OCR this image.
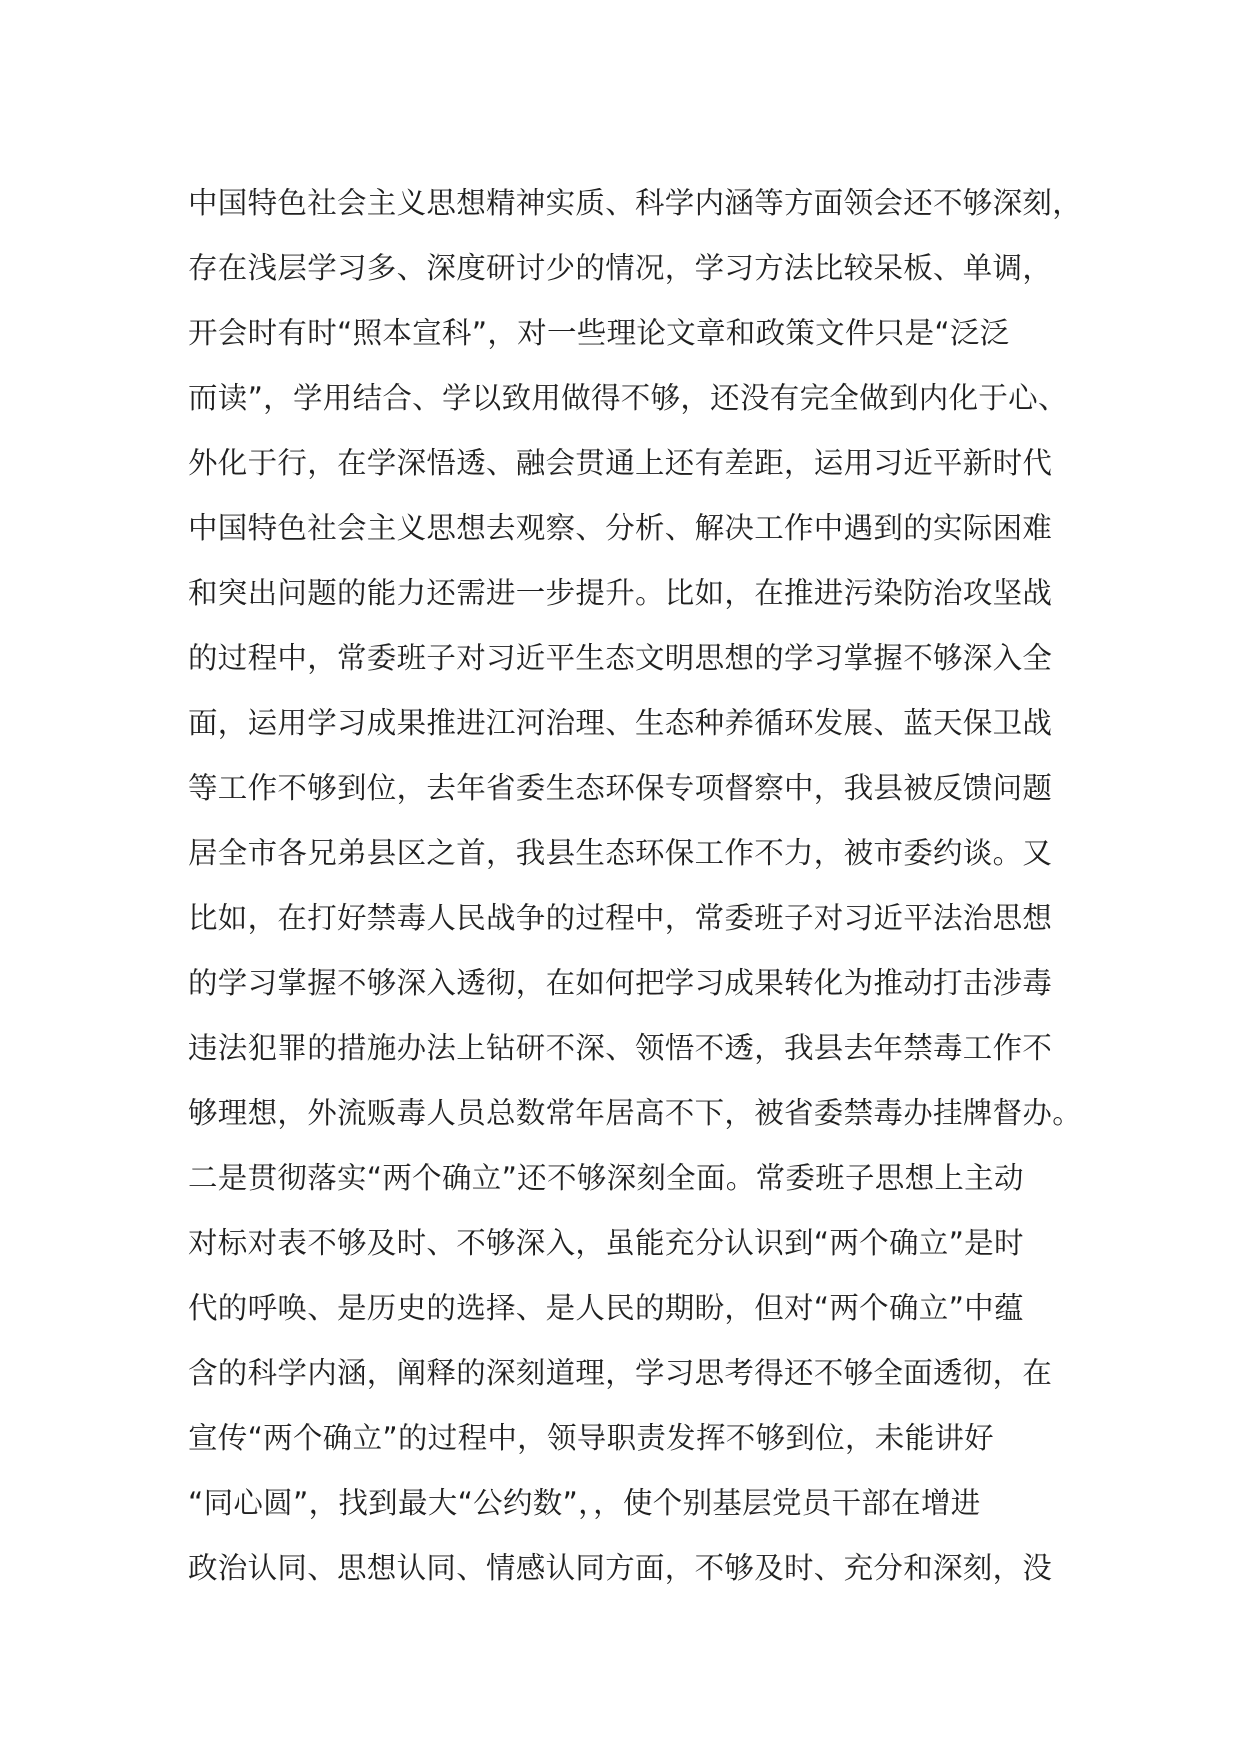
中国特色社会主义思想精神实质、科学内涵等方面领会还不够深刻，
存在浅层学习多、深度研讨少的情况，学习方法比较呆板、单调，
开会时有时“照本宣科”，对一些理论文章和政策文件只是“泛泛
而读”，学用结合、学以致用做得不够，还没有完全做到内化于心、
外化于行，在学深悟透、融会贯通上还有差距，运用习近平新时代
中国特色社会主义思想去观察、分析、解决工作中遇到的实际困难
和突出问题的能力还需进一步提升。比如，在推进污染防治攻坚战
的过程中，常委班子对习近平生态文明思想的学习掌握不够深入全
面，运用学习成果推进江河治理、生态种养循环发展、蓝天保卫战
等工作不够到位，去年省委生态环保专项督察中，我县被反馈问题
居全市各兄弟县区之首，我县生态环保工作不力，被市委约谈。又
比如，在打好禁毒人民战争的过程中，常委班子对习近平法治思想
的学习掌握不够深入透彻，在如何把学习成果转化为推动打击涉毒
违法犯罪的措施办法上钻研不深、领悟不透，我县去年禁毒工作不
够理想，外流贩毒人员总数常年居高不下，被省委禁毒办挂牌督办。
二是贯彻落实“两个确立”还不够深刻全面。常委班子思想上主动
对标对表不够及时、不够深入，虽能充分认识到“两个确立”是时
代的呼唤、是历史的选择、是人民的期盼，但对“两个确立”中蕴
含的科学内涵，阐释的深刻道理，学习思考得还不够全面透彻，在
宣传“两个确立”的过程中，领导职责发挥不够到位，未能讲好
“同心圆”，找到最大“公约数”，，使个别基层党员干部在增进
政治认同、思想认同、情感认同方面，不够及时、充分和深刻，没
